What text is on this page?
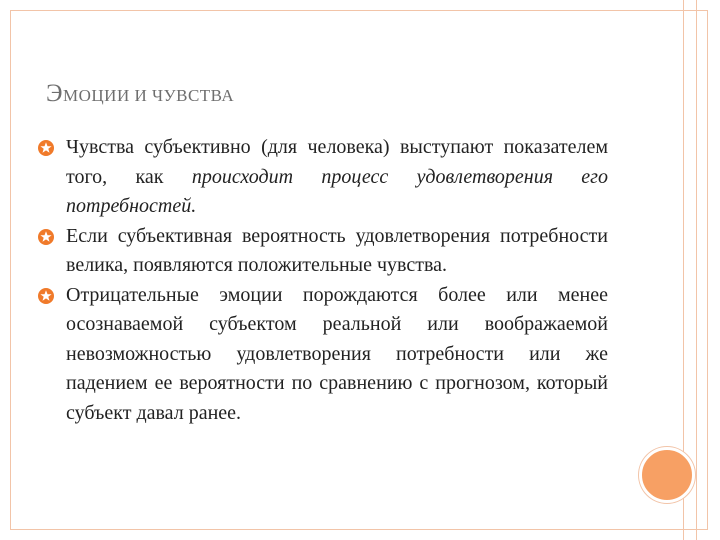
ЭМОЦИИ И ЧУВСТВА

Чувства субъективно (для человека) выступают показателем того, как происходит процесс удовлетворения его потребностей.

Если субъективная вероятность удовлетворения потребности велика, появляются положительные чувства.

Отрицательные эмоции порождаются более или менее осознаваемой субъектом реальной или воображаемой невозможностью удовлетворения потребности или же падением ее вероятности по сравнению с прогнозом, который субъект давал ранее.
